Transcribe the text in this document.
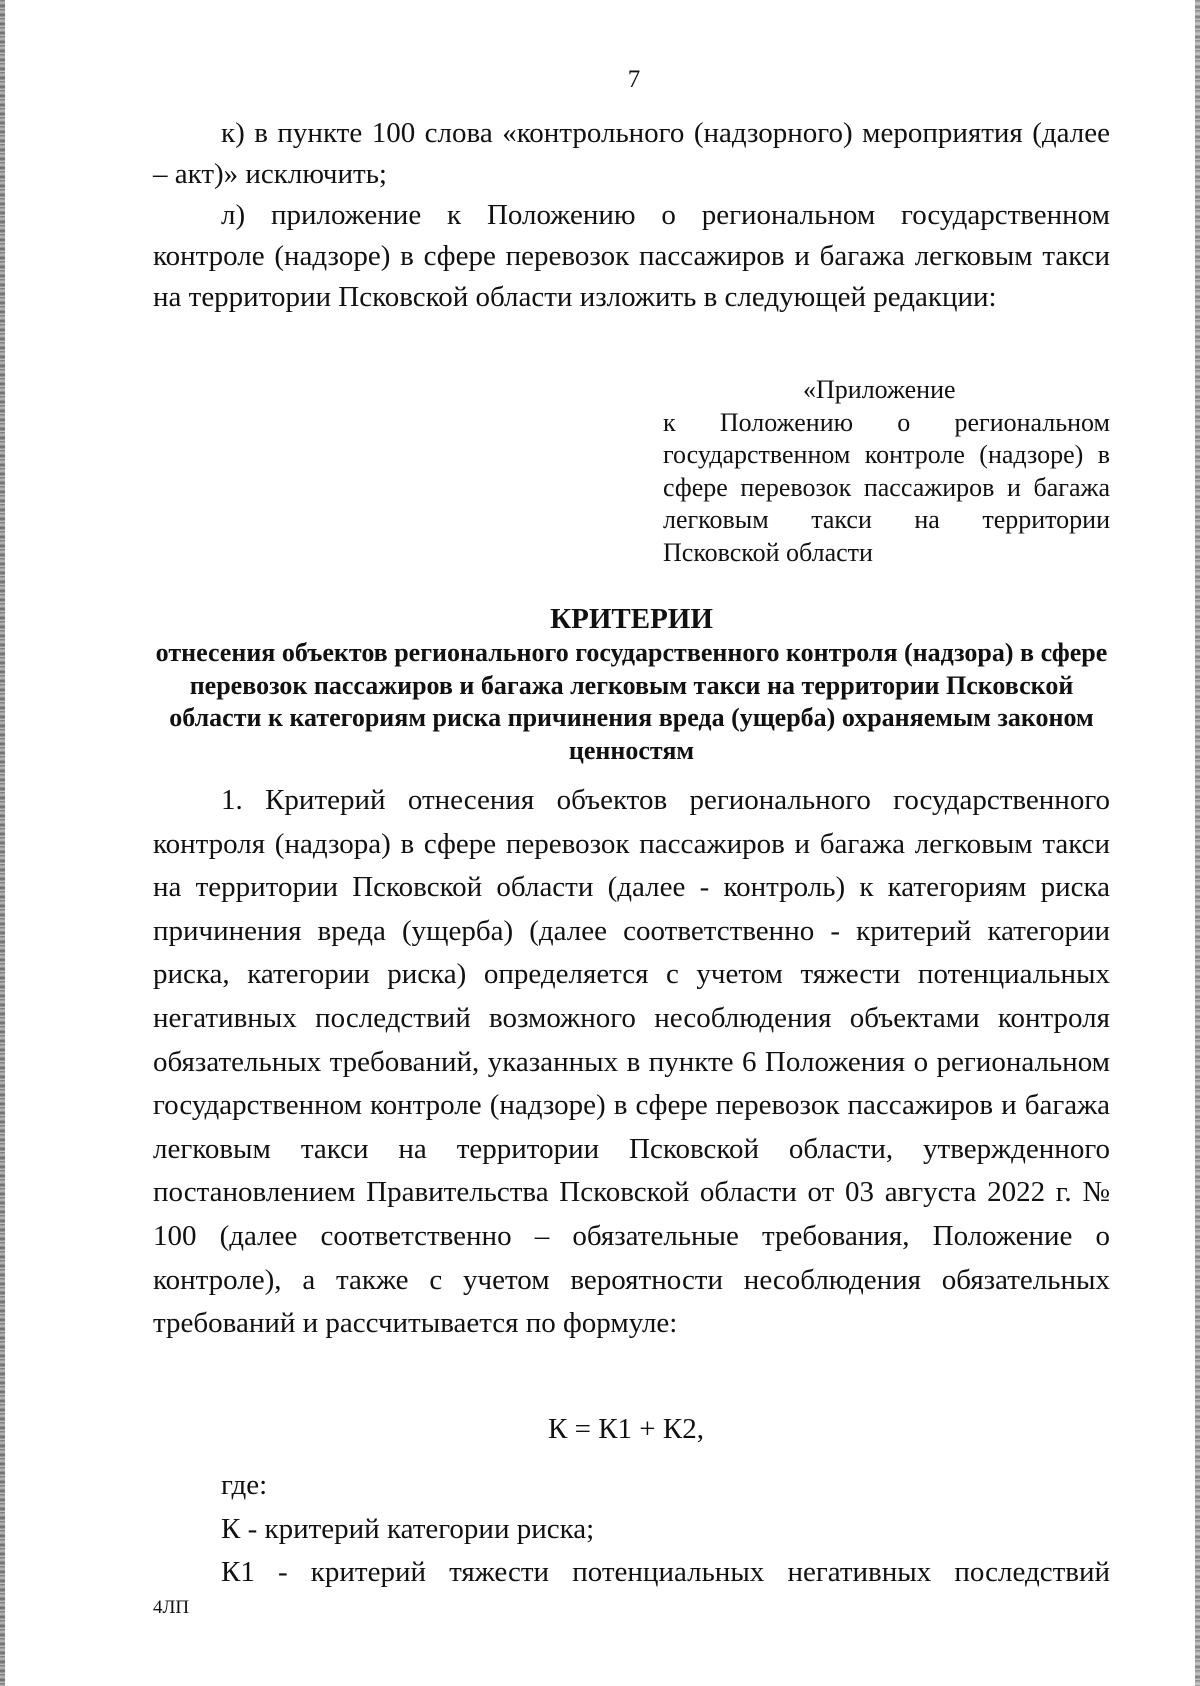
7

к) в пункте 100 слова «контрольного (надзорного) мероприятия (далее – акт)» исключить;

л) приложение к Положению о региональном государственном контроле (надзоре) в сфере перевозок пассажиров и багажа легковым такси на территории Псковской области изложить в следующей редакции:

«Приложение
к Положению о региональном государственном контроле (надзоре) в сфере перевозок пассажиров и багажа легковым такси на территории Псковской области
КРИТЕРИИ
отнесения объектов регионального государственного контроля (надзора) в сфере перевозок пассажиров и багажа легковым такси на территории Псковской области к категориям риска причинения вреда (ущерба) охраняемым законом ценностям

1. Критерий отнесения объектов регионального государственного контроля (надзора) в сфере перевозок пассажиров и багажа легковым такси на территории Псковской области (далее - контроль) к категориям риска причинения вреда (ущерба) (далее соответственно - критерий категории риска, категории риска) определяется с учетом тяжести потенциальных негативных последствий возможного несоблюдения объектами контроля обязательных требований, указанных в пункте 6 Положения о региональном государственном контроле (надзоре) в сфере перевозок пассажиров и багажа легковым такси на территории Псковской области, утвержденного постановлением Правительства Псковской области от 03 августа 2022 г. № 100 (далее соответственно – обязательные требования, Положение о контроле), а также с учетом вероятности несоблюдения обязательных требований и рассчитывается по формуле:

К = К1 + К2,

где:

К - критерий категории риска;

К1 - критерий тяжести потенциальных негативных последствий

4ЛП
